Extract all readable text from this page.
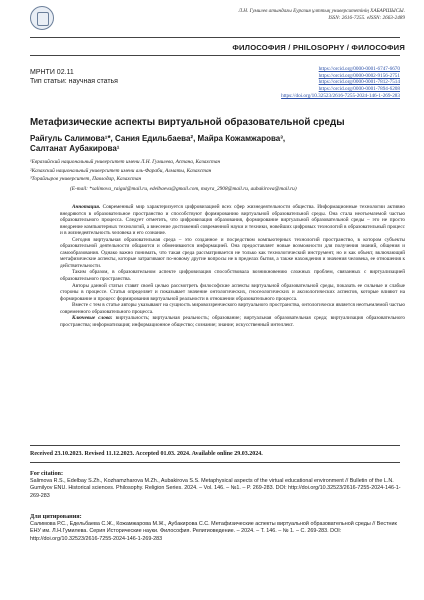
Л.Н. Гумилев атындағы Еуразия ұлттық университетінің ХАБАРШЫСЫ.
ISSN: 2616-7255. eISSN: 2663-2489
ФИЛОСОФИЯ / PHILOSOPHY / ФИЛОСОФИЯ
МРНТИ 02.11
Тип статьи: научная статья
https://orcid.org/0000-0001-6747-6670
https://orcid.org/0000-0002-9156-2751
https://orcid.org/0000-0001-7812-7514
https://orcid.org/0000-0001-7894-6208
https://doi.org/10.32523/2616-7255-2024-146-1-269-283
Метафизические аспекты виртуальной образовательной среды
Райгуль Салимова¹*, Сания Едильбаева², Майра Кожамжарова³,
Салтанат Аубакирова¹
¹Евразийский национальный университет имени Л.Н. Гумилева, Астана, Казахстан
²Казахский национальный университет имени аль-Фараби, Алматы, Казахстан
³Торайгыров университет, Павлодар, Казахстан
(E-mail: *salimova_raigul@mail.ru, edelbaeva@gmail.com, mayra_2908@mail.ru, aubakirova@mail.ru)

Аннотация. Современный мир характеризуется цифровизацией всех сфер жизнедеятельности общества. Информационные технологии активно внедряются в образовательное пространство и способствуют формированию виртуальной образовательной среды. Она стала неотъемлемой частью образовательного процесса. Следует отметить, что цифровизация образования, формирование виртуальной образовательной среды – это не просто внедрение компьютерных технологий, а внесение достижений современной науки и техники, новейших цифровых технологий в образовательный процесс и в жизнедеятельность человека и его сознание.

Сегодня виртуальная образовательная среда – это созданное и посредством компьютерных технологий пространство, в котором субъекты образовательной деятельности общаются и обмениваются информацией. Она предоставляет новые возможности для получения знаний, общения и самообразования. Однако важно понимать, что такая среда рассматривается не только как технологический инструмент, но и как объект, включающий метафизические аспекты, которые затрагивают по-новому другие вопросы не в пределах бытия, а также нахождения и значения человека, ее отношения к действительности.

Таким образом, в образовательном аспекте цифровизация способствовала возникновению сложных проблем, связанных с виртуализацией образовательного пространства.

Авторы данной статьи ставят своей целью рассмотреть философские аспекты виртуальной образовательной среды, показать ее сильные и слабые стороны в процессе. Статья определяет и показывает значение онтологических, гносеологических и аксиологических аспектов, которые влияют на формирование и процесс формирования виртуальной реальности в отношении образовательного процесса.

Вместе с тем в статье авторы указывают на сущность мировоззренческого виртуального пространства, онтологически является неотъемлемой частью современного образовательного процесса.

Ключевые слова: виртуальность; виртуальная реальность; образование; виртуальная образовательная среда; виртуализация образовательного пространства; информатизация; информационное общество; сознание; знание; искусственный интеллект.

Received 23.10.2023. Revised 11.12.2023. Accepted 01.03. 2024. Available online 29.03.2024.
For citation:
Salimova R.S., Edelbay S.Zh., Kozhamzharova M.Zh., Aubakirova S.S. Metaphysical aspects of the virtual educational environment // Bulletin of the L.N. Gumilyov ENU. Historical sciences. Philosophy. Religion Series. 2024. – Vol. 146. – №1. – P. 269-283. DOI: http://doi.org/10.32523/2616-7255-2024-146-1-269-283
Для цитирования:
Салимова Р.С., Едельбаева С.Ж., Кожамжарова М.Ж., Аубакирова С.С. Метафизические аспекты виртуальной образовательной среды // Вестник ЕНУ им. Л.Н.Гумилева. Серия Исторические науки. Философия. Религиоведение. – 2024. – Т. 146. – № 1. – С. 269-283. DOI: http://doi.org/10.32523/2616-7255-2024-146-1-269-283
